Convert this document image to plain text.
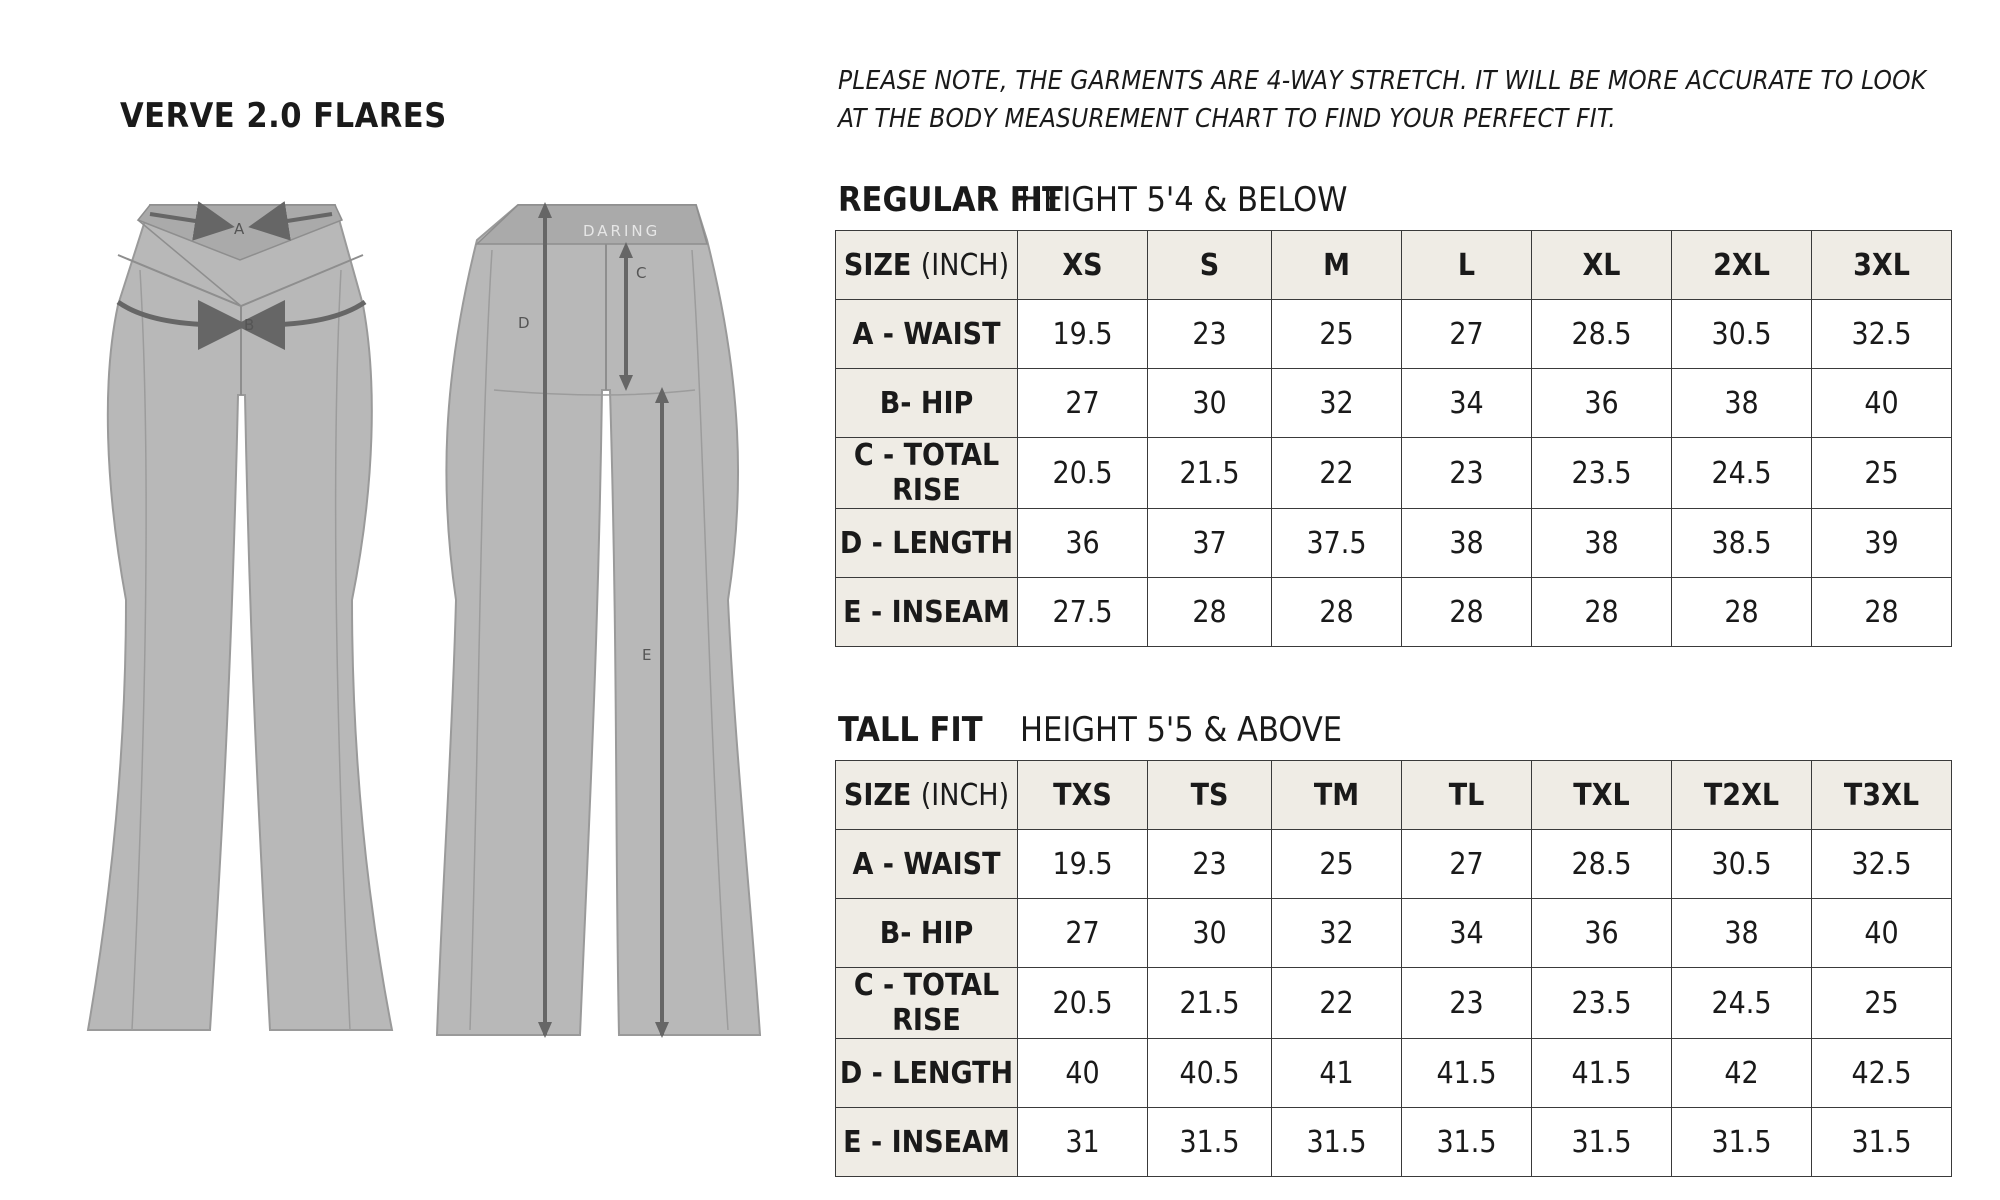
VERVE 2.0 FLARES

PLEASE NOTE, THE GARMENTS ARE 4-WAY STRETCH. IT WILL BE MORE ACCURATE TO LOOK AT THE BODY MEASUREMENT CHART TO FIND YOUR PERFECT FIT.

A
B
DARING
D
C
E
REGULAR FIT
HEIGHT 5'4 & BELOW
SIZE (INCH)	XS	S	M	L	XL	2XL	3XL
A - WAIST	19.5	23	25	27	28.5	30.5	32.5
B- HIP	27	30	32	34	36	38	40
C - TOTAL RISE	20.5	21.5	22	23	23.5	24.5	25
D - LENGTH	36	37	37.5	38	38	38.5	39
E - INSEAM	27.5	28	28	28	28	28	28
TALL FIT HEIGHT 5'5 & ABOVE
SIZE (INCH)	TXS	TS	TM	TL	TXL	T2XL	T3XL
A - WAIST	19.5	23	25	27	28.5	30.5	32.5
B- HIP	27	30	32	34	36	38	40
C - TOTAL RISE	20.5	21.5	22	23	23.5	24.5	25
D - LENGTH	40	40.5	41	41.5	41.5	42	42.5
E - INSEAM	31	31.5	31.5	31.5	31.5	31.5	31.5
